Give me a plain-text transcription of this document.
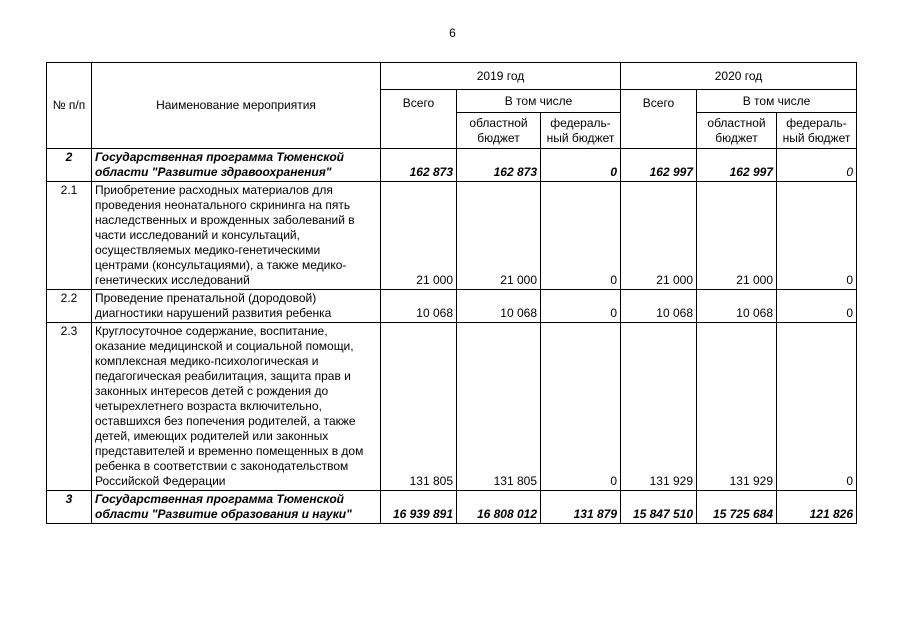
6
№ п/п	Наименование мероприятия	2019 год			2020 год		
		Всего	В том числе		Всего	В том числе	
			областной бюджет	федераль-ный бюджет		областной бюджет	федераль-ный бюджет
2	Государственная программа Тюменской области "Развитие здравоохранения"	162 873	162 873	0	162 997	162 997	0
2.1	Приобретение расходных материалов для проведения неонатального скрининга на пять наследственных и врожденных заболеваний в части исследований и консультаций, осуществляемых медико-генетическими центрами (консультациями), а также медико-генетических исследований	21 000	21 000	0	21 000	21 000	0
2.2	Проведение пренатальной (дородовой) диагностики нарушений развития ребенка	10 068	10 068	0	10 068	10 068	0
2.3	Круглосуточное содержание, воспитание, оказание медицинской и социальной помощи, комплексная медико-психологическая и педагогическая реабилитация, защита прав и законных интересов детей с рождения до четырехлетнего возраста включительно, оставшихся без попечения родителей, а также детей, имеющих родителей или законных представителей и временно помещенных в дом ребенка в соответствии с законодательством Российской Федерации	131 805	131 805	0	131 929	131 929	0
3	Государственная программа Тюменской области "Развитие образования и науки"	16 939 891	16 808 012	131 879	15 847 510	15 725 684	121 826
